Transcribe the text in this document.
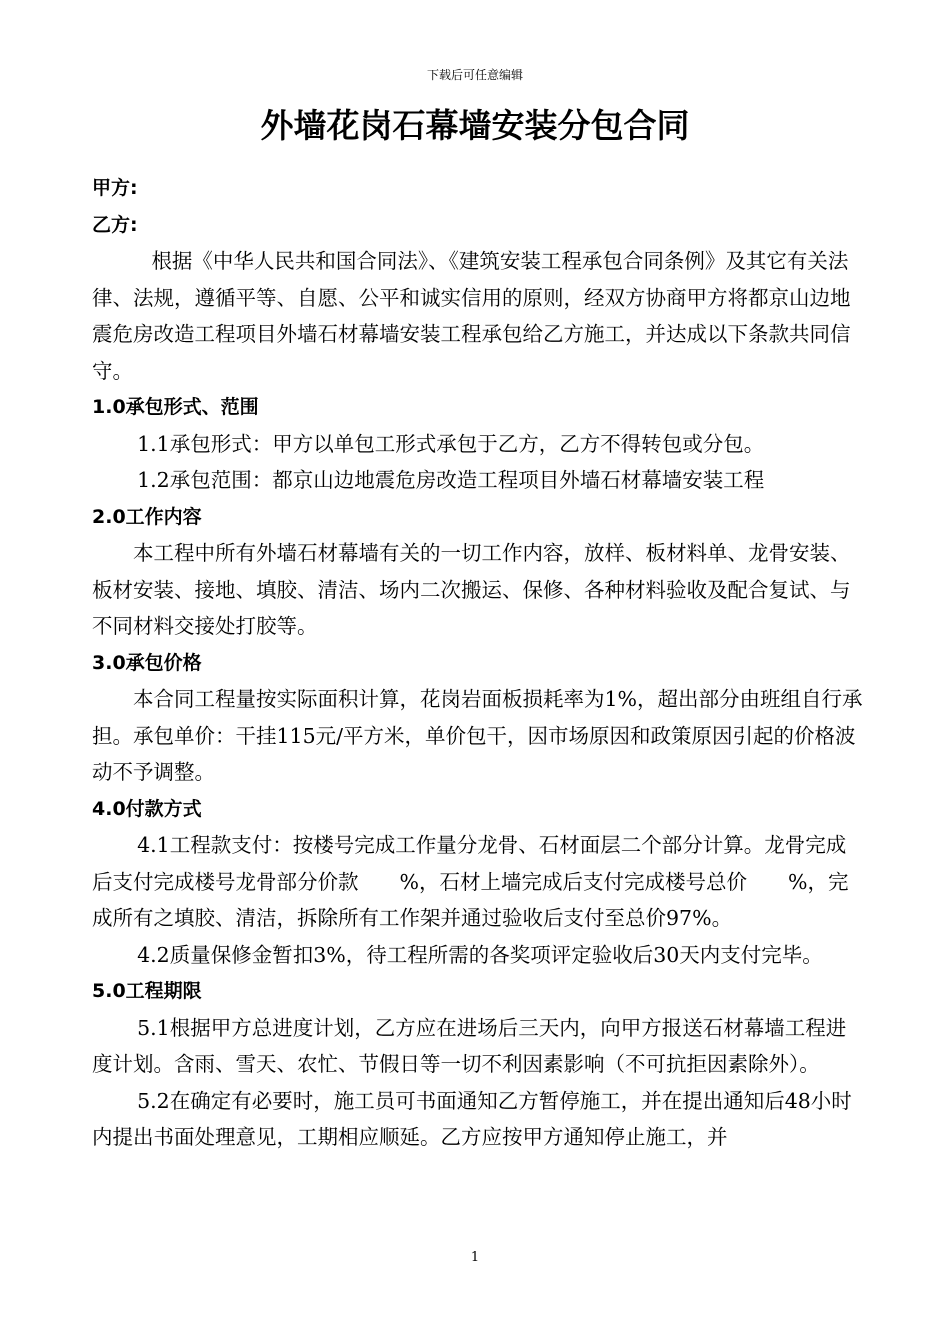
下载后可任意编辑
外墙花岗石幕墙安装分包合同

甲方:

乙方:

根据《中华人民共和国合同法》、《建筑安装工程承包合同条例》及其它有关法律、法规，遵循平等、自愿、公平和诚实信用的原则，经双方协商甲方将都京山边地震危房改造工程项目外墙石材幕墙安装工程承包给乙方施工，并达成以下条款共同信守。

1.0承包形式、范围

1.1承包形式：甲方以单包工形式承包于乙方，乙方不得转包或分包。

1.2承包范围：都京山边地震危房改造工程项目外墙石材幕墙安装工程

2.0工作内容

本工程中所有外墙石材幕墙有关的一切工作内容，放样、板材料单、龙骨安装、板材安装、接地、填胶、清洁、场内二次搬运、保修、各种材料验收及配合复试、与不同材料交接处打胶等。

3.0承包价格

本合同工程量按实际面积计算，花岗岩面板损耗率为1%，超出部分由班组自行承担。承包单价：干挂115元/平方米，单价包干，因市场原因和政策原因引起的价格波动不予调整。

4.0付款方式

4.1工程款支付：按楼号完成工作量分龙骨、石材面层二个部分计算。龙骨完成后支付完成楼号龙骨部分价款　　%，石材上墙完成后支付完成楼号总价　　%，完成所有之填胶、清洁，拆除所有工作架并通过验收后支付至总价97%。

4.2质量保修金暂扣3%，待工程所需的各奖项评定验收后30天内支付完毕。

5.0工程期限

5.1根据甲方总进度计划，乙方应在进场后三天内，向甲方报送石材幕墙工程进度计划。含雨、雪天、农忙、节假日等一切不利因素影响（不可抗拒因素除外）。

5.2在确定有必要时，施工员可书面通知乙方暂停施工，并在提出通知后48小时内提出书面处理意见，工期相应顺延。乙方应按甲方通知停止施工，并

1
